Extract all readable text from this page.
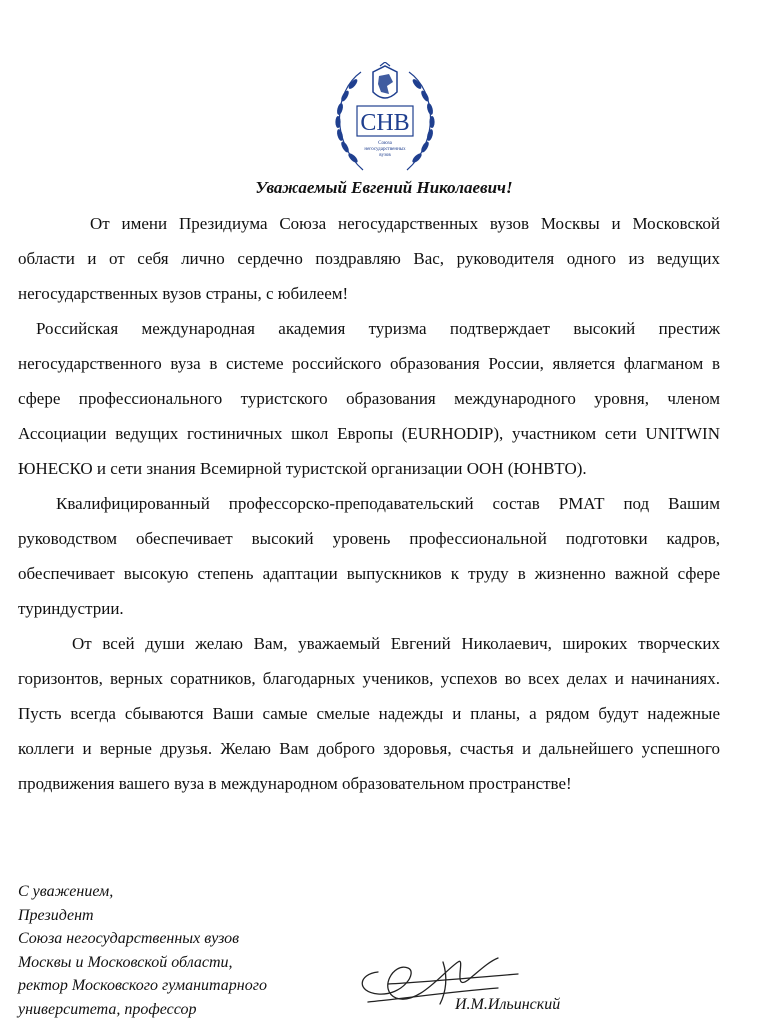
СНВ
Союза
негосударственных
вузов
Уважаемый Евгений Николаевич!

От имени Президиума Союза негосударственных вузов Москвы и Московской области и от себя лично сердечно поздравляю Вас, руководителя одного из ведущих негосударственных вузов страны, с юбилеем!

Российская международная академия туризма подтверждает высокий престиж негосударственного вуза в системе российского образования России, является флагманом в сфере профессионального туристского образования международного уровня, членом Ассоциации ведущих гостиничных школ Европы (EURHODIP), участником сети UNITWIN ЮНЕСКО и сети знания Всемирной туристской организации ООН (ЮНВТО).

Квалифицированный профессорско-преподавательский состав РМАТ под Вашим руководством обеспечивает высокий уровень профессиональной подготовки кадров, обеспечивает высокую степень адаптации выпускников к труду в жизненно важной сфере туриндустрии.

От всей души желаю Вам, уважаемый Евгений Николаевич, широких творческих горизонтов, верных соратников, благодарных учеников, успехов во всех делах и начинаниях. Пусть всегда сбываются Ваши самые смелые надежды и планы, а рядом будут надежные коллеги и верные друзья. Желаю Вам доброго здоровья, счастья и дальнейшего успешного продвижения вашего вуза в международном образовательном пространстве!

С уважением,
Президент
Союза негосударственных вузов
Москвы и Московской области,
ректор Московского гуманитарного
университета, профессор	И.М.Ильинский
